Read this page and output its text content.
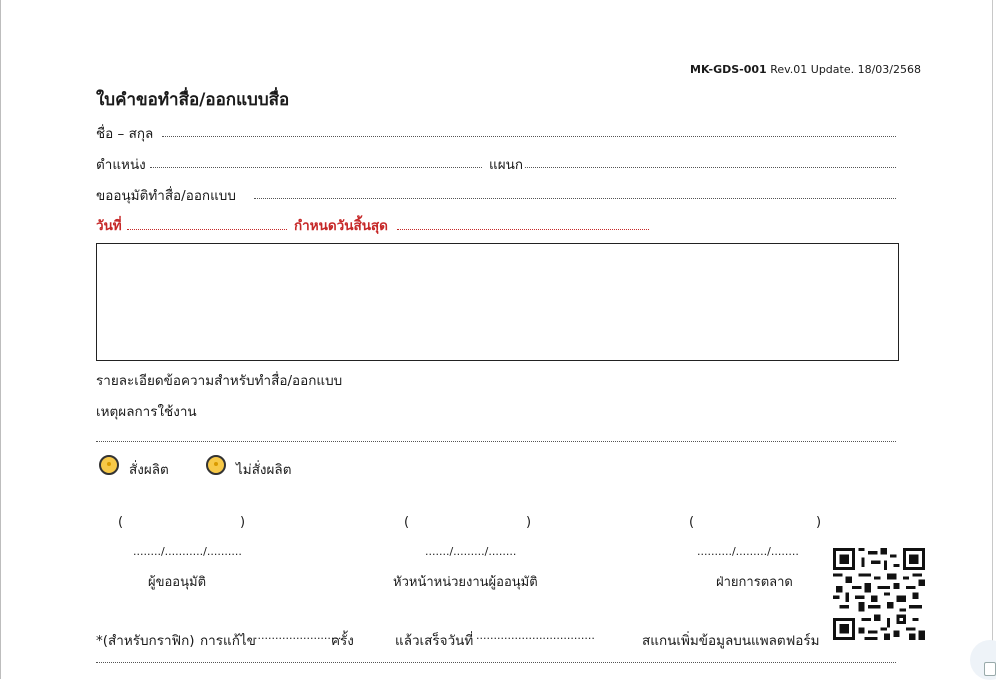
MK-GDS-001 Rev.01 Update. 18/03/2568
ใบคำขอทำสื่อ/ออกแบบสื่อ
ชื่อ – สกุล
ตำแหน่ง	แผนก
ขออนุมัติทำสื่อ/ออกแบบ
วันที่	กำหนดวันสิ้นสุด
รายละเอียดข้อความสำหรับทำสื่อ/ออกแบบ
เหตุผลการใช้งาน
สั่งผลิต	ไม่สั่งผลิต
(	)
......../.........../..........
ผู้ขออนุมัติ
(	)
......./........./........
หัวหน้าหน่วยงานผู้ออนุมัติ
(	)
........../........./........
ฝ่ายการตลาด
*(สำหรับกราฟิก) การแก้ไข
.........................
ครั้ง	แล้วเสร็จวันที่ ..................................	สแกนเพิ่มข้อมูลบนแพลตฟอร์ม
